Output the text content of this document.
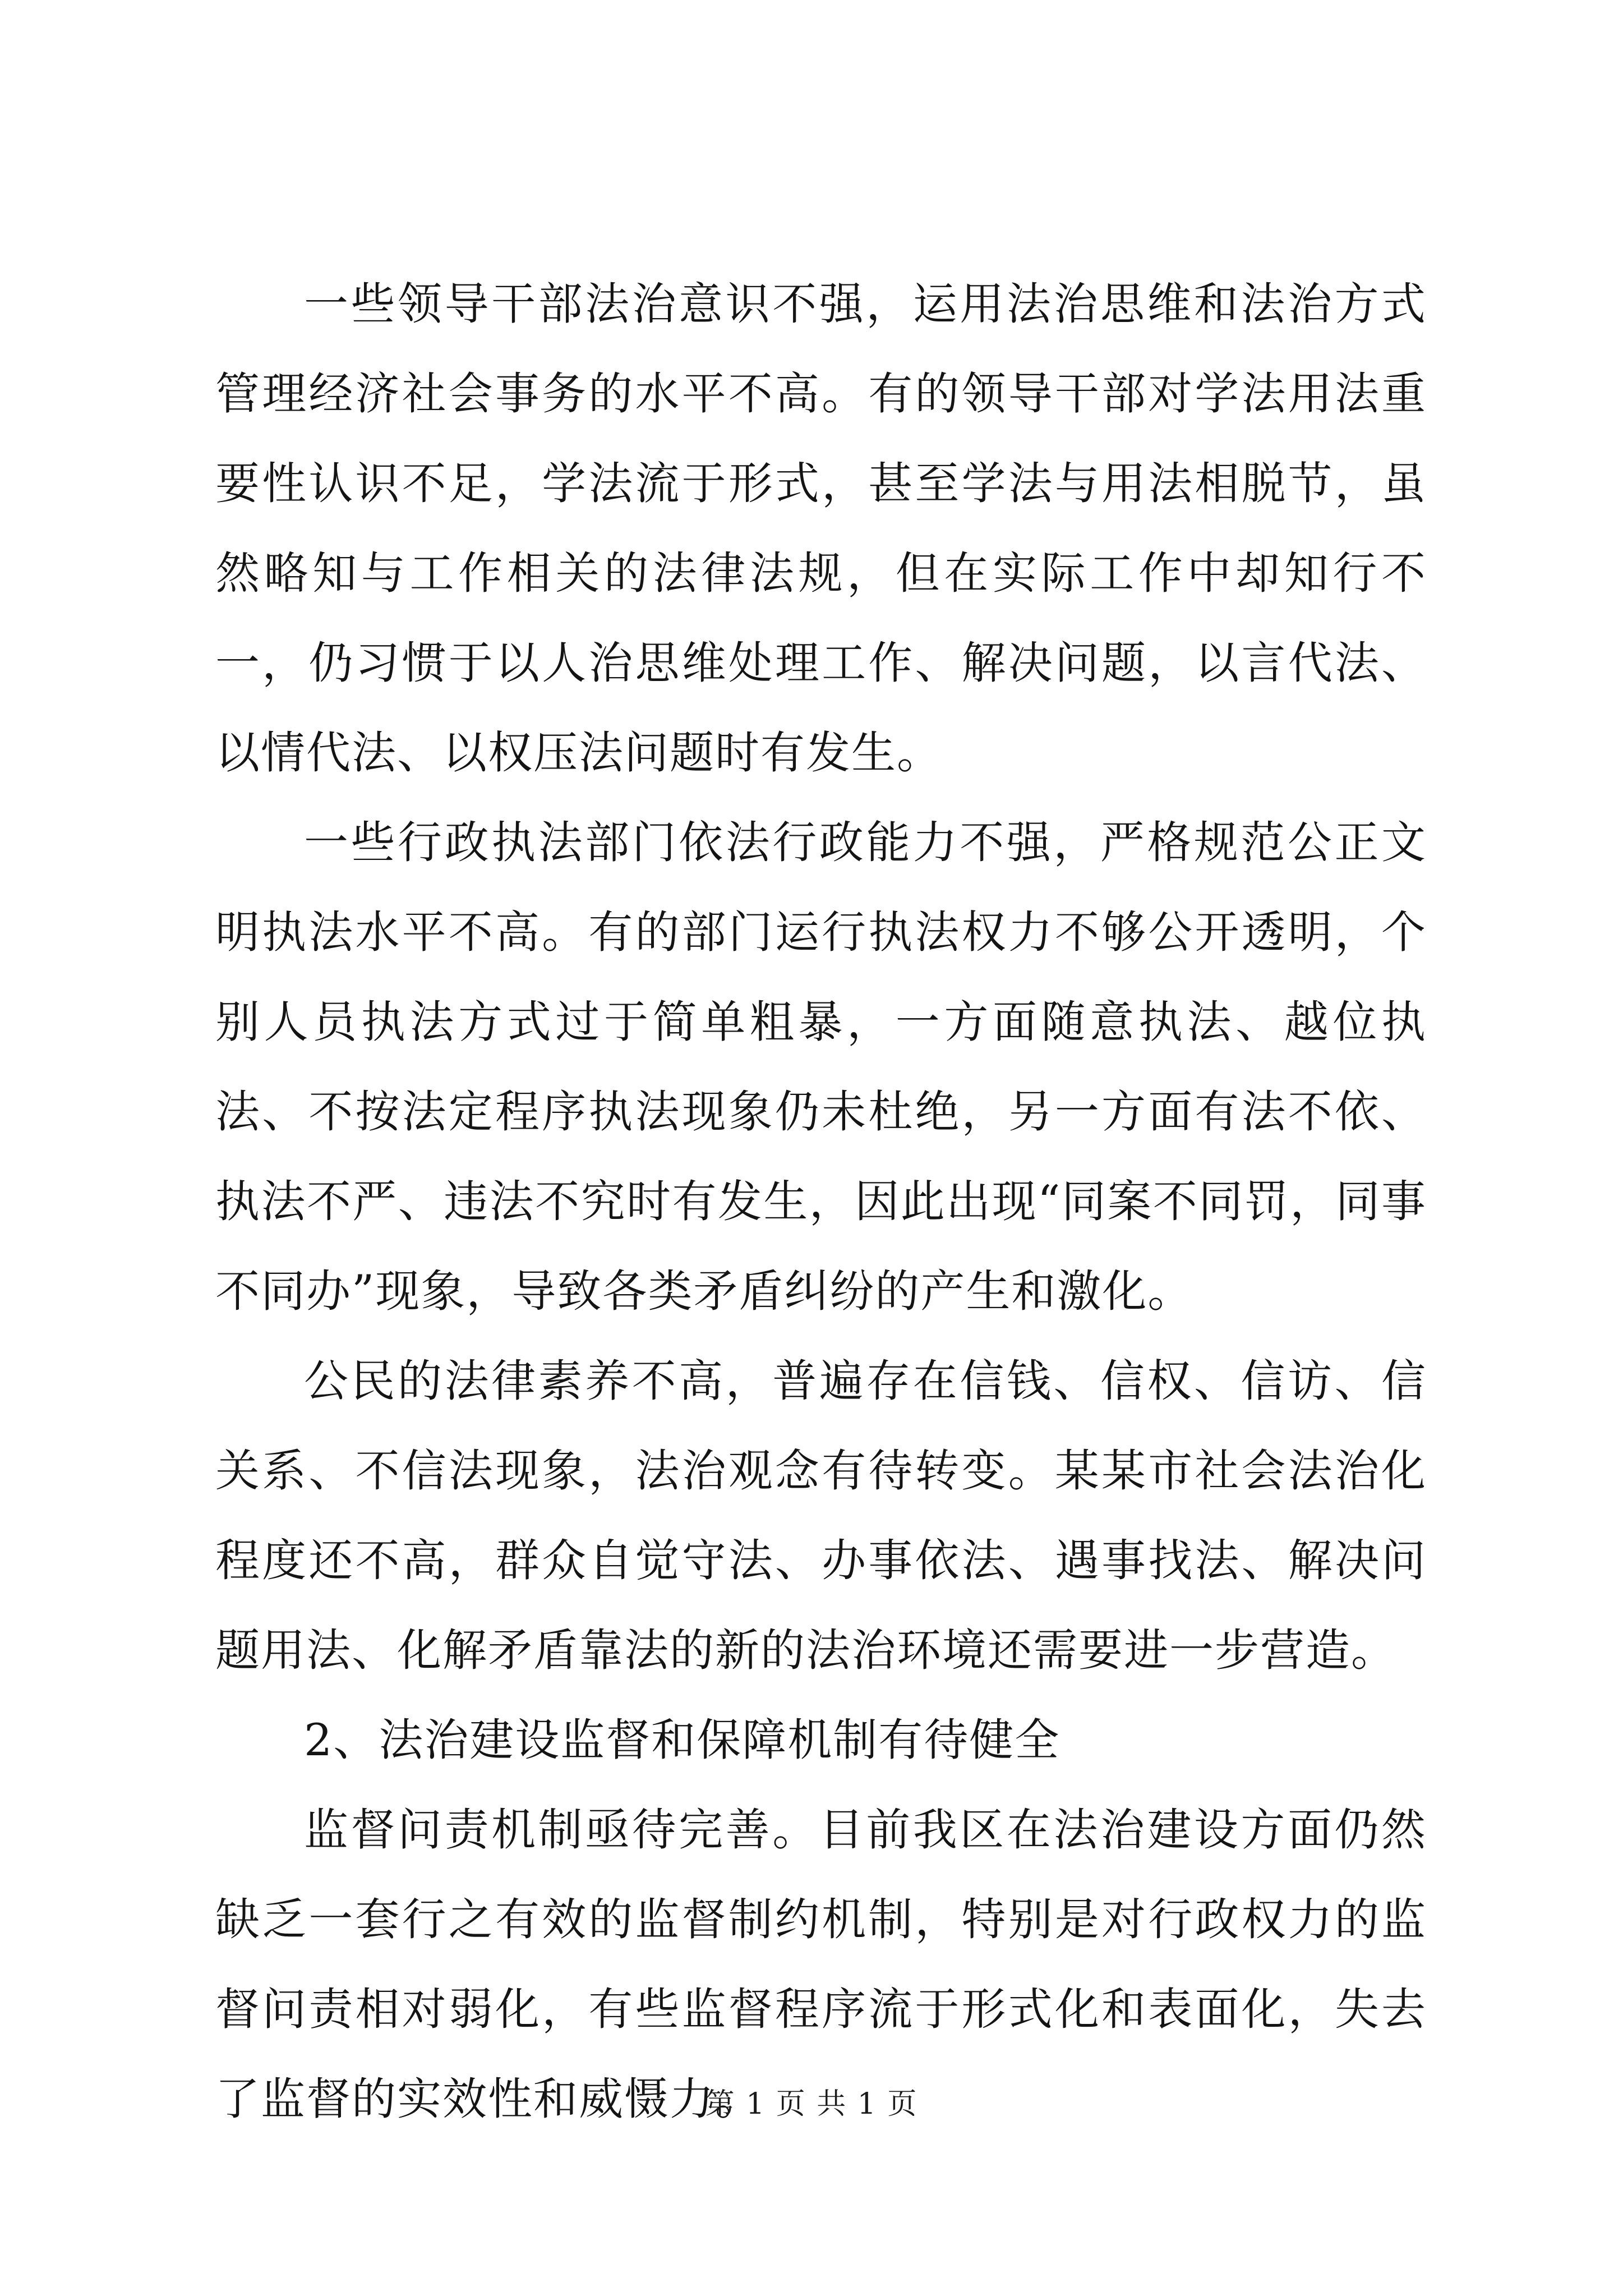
一些领导干部法治意识不强，运用法治思维和法治方式管理经济社会事务的水平不高。有的领导干部对学法用法重要性认识不足，学法流于形式，甚至学法与用法相脱节，虽然略知与工作相关的法律法规，但在实际工作中却知行不一，仍习惯于以人治思维处理工作、解决问题，以言代法、以情代法、以权压法问题时有发生。

一些行政执法部门依法行政能力不强，严格规范公正文明执法水平不高。有的部门运行执法权力不够公开透明，个别人员执法方式过于简单粗暴，一方面随意执法、越位执法、不按法定程序执法现象仍未杜绝，另一方面有法不依、执法不严、违法不究时有发生，因此出现“同案不同罚，同事不同办”现象，导致各类矛盾纠纷的产生和激化。

公民的法律素养不高，普遍存在信钱、信权、信访、信关系、不信法现象，法治观念有待转变。某某市社会法治化程度还不高，群众自觉守法、办事依法、遇事找法、解决问题用法、化解矛盾靠法的新的法治环境还需要进一步营造。

2、法治建设监督和保障机制有待健全

监督问责机制亟待完善。目前我区在法治建设方面仍然缺乏一套行之有效的监督制约机制，特别是对行政权力的监督问责相对弱化，有些监督程序流于形式化和表面化，失去了监督的实效性和威慑力。

第 1 页 共 1 页
